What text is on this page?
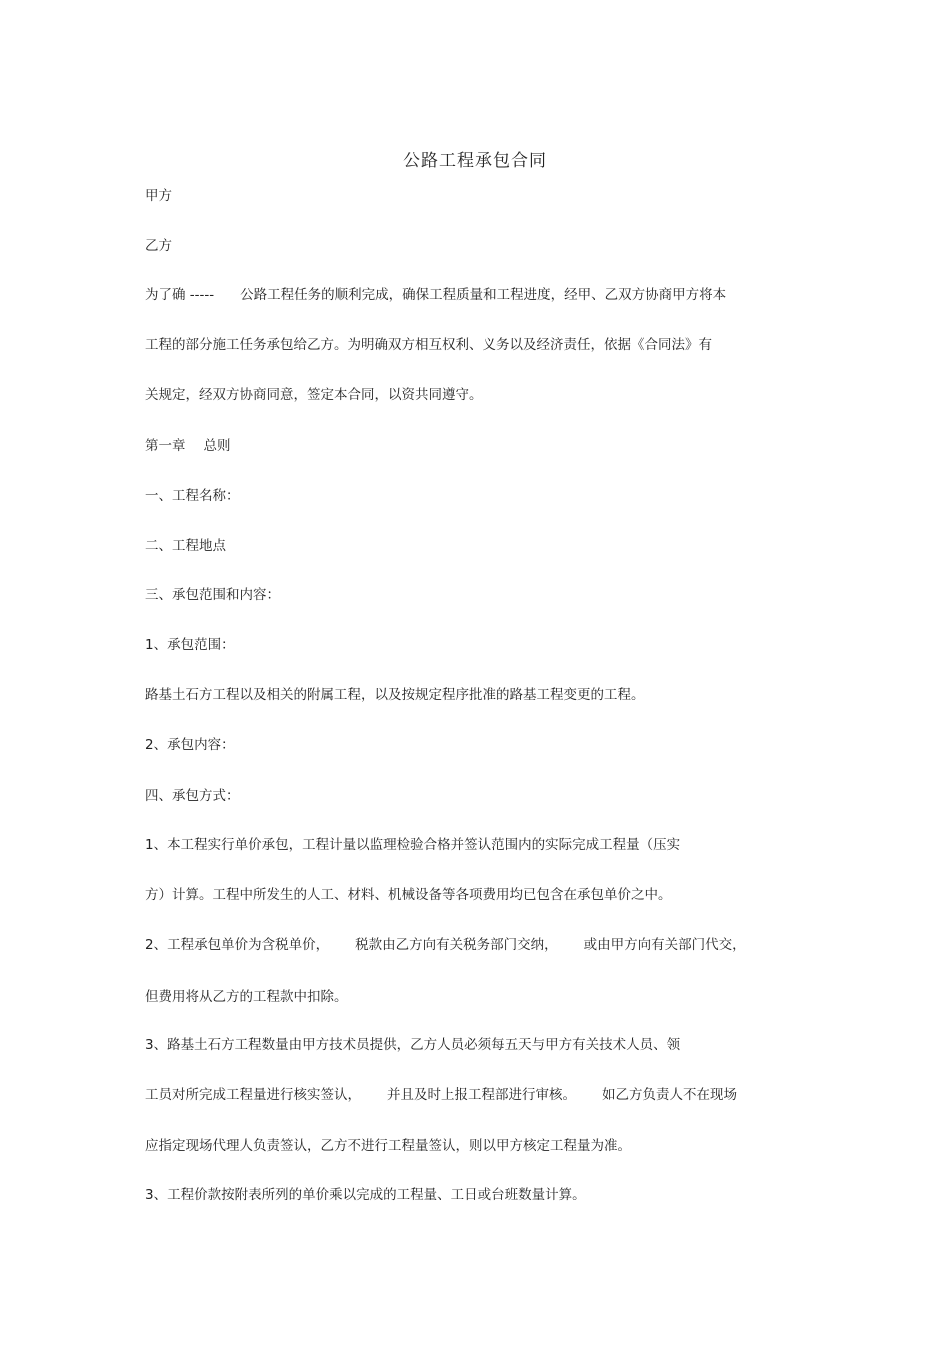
公路工程承包合同
甲方
乙方
为了确 ----- 公路工程任务的顺利完成，确保工程质量和工程进度，经甲、乙双方协商甲方将本
工程的部分施工任务承包给乙方。为明确双方相互权利、义务以及经济责任，依据《合同法》有
关规定，经双方协商同意，签定本合同，以资共同遵守。
第一章 总则
一、工程名称：
二、工程地点
三、承包范围和内容：
1、承包范围：
路基土石方工程以及相关的附属工程，以及按规定程序批准的路基工程变更的工程。
2、承包内容：
四、承包方式：
1、本工程实行单价承包，工程计量以监理检验合格并签认范围内的实际完成工程量（压实
方）计算。工程中所发生的人工、材料、机械设备等各项费用均已包含在承包单价之中。
2、工程承包单价为含税单价， 税款由乙方向有关税务部门交纳， 或由甲方向有关部门代交，
但费用将从乙方的工程款中扣除。
3、路基土石方工程数量由甲方技术员提供，乙方人员必须每五天与甲方有关技术人员、领
工员对所完成工程量进行核实签认， 并且及时上报工程部进行审核。 如乙方负责人不在现场
应指定现场代理人负责签认，乙方不进行工程量签认，则以甲方核定工程量为准。
3、工程价款按附表所列的单价乘以完成的工程量、工日或台班数量计算。
